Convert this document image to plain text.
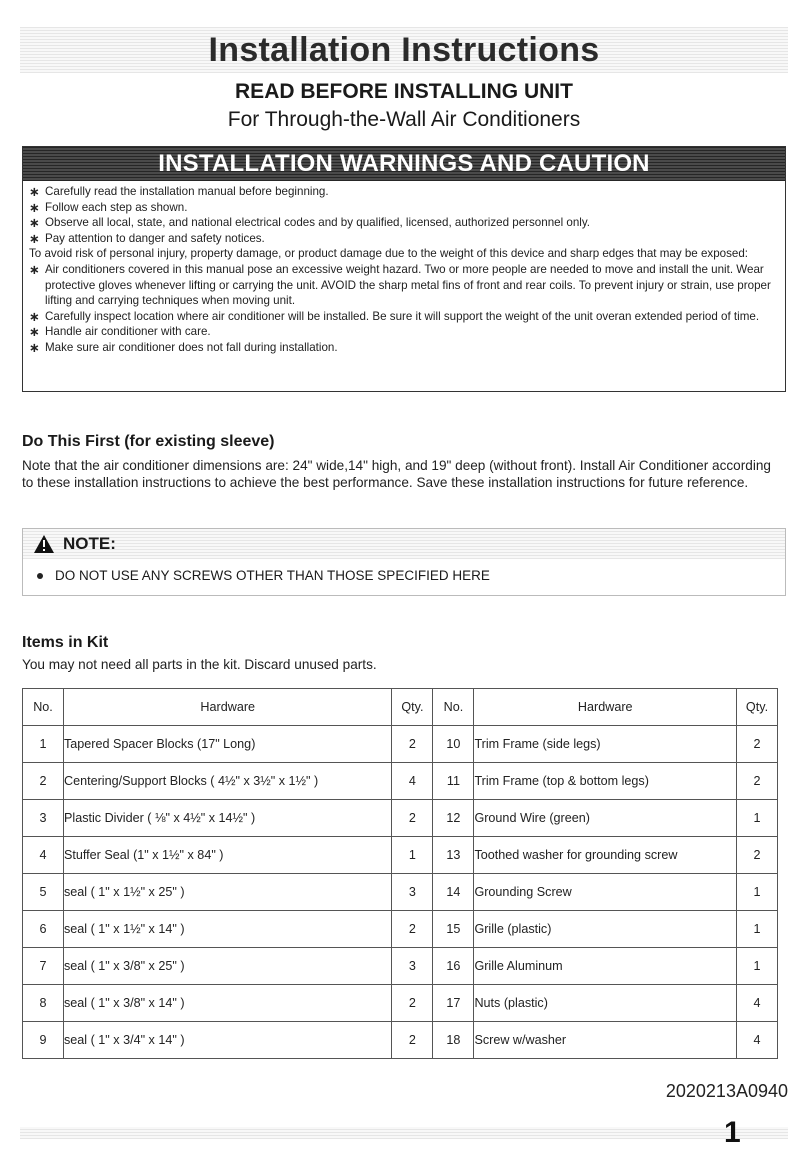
Installation Instructions
READ BEFORE INSTALLING UNIT
For Through-the-Wall Air Conditioners
INSTALLATION WARNINGS AND CAUTION
∗ Carefully read the installation manual before beginning.
∗ Follow each step as shown.
∗ Observe all local, state, and national electrical codes and by qualified, licensed, authorized personnel only.
∗ Pay attention to danger and safety notices.
To avoid risk of personal injury, property damage, or product damage due to the weight of this device and sharp edges that may be exposed:
∗ Air conditioners covered in this manual pose an excessive weight hazard. Two or more people are needed to move and install the unit. Wear protective gloves whenever lifting or carrying the unit. AVOID the sharp metal fins of front and rear coils. To prevent injury or strain, use proper lifting and carrying techniques when moving unit.
∗ Carefully inspect location where air conditioner will be installed. Be sure it will support the weight of the unit overan extended period of time.
∗ Handle air conditioner with care.
∗ Make sure air conditioner does not fall during installation.
Do This First (for existing sleeve)
Note that the air conditioner dimensions are: 24" wide,14" high, and 19" deep (without front). Install Air Conditioner according to these installation instructions to achieve the best performance. Save these installation instructions for future reference.
NOTE:
DO NOT USE ANY SCREWS OTHER THAN THOSE SPECIFIED HERE
Items in Kit
You may not need all parts in the kit. Discard unused parts.
No.	Hardware	Qty.	No.	Hardware	Qty.
1	Tapered Spacer Blocks (17" Long)	2	10	Trim Frame (side legs)	2
2	Centering/Support Blocks ( 4½" x 3½" x 1½" )	4	11	Trim Frame (top & bottom legs)	2
3	Plastic Divider ( ⅛" x 4½" x 14½" )	2	12	Ground Wire (green)	1
4	Stuffer Seal (1" x 1½" x 84" )	1	13	Toothed washer for grounding screw	2
5	seal ( 1" x 1½" x 25" )	3	14	Grounding Screw	1
6	seal ( 1" x 1½" x 14" )	2	15	Grille (plastic)	1
7	seal ( 1" x 3/8" x 25" )	3	16	Grille Aluminum	1
8	seal ( 1" x 3/8" x 14" )	2	17	Nuts (plastic)	4
9	seal ( 1" x 3/4" x 14" )	2	18	Screw w/washer	4
2020213A0940
1
